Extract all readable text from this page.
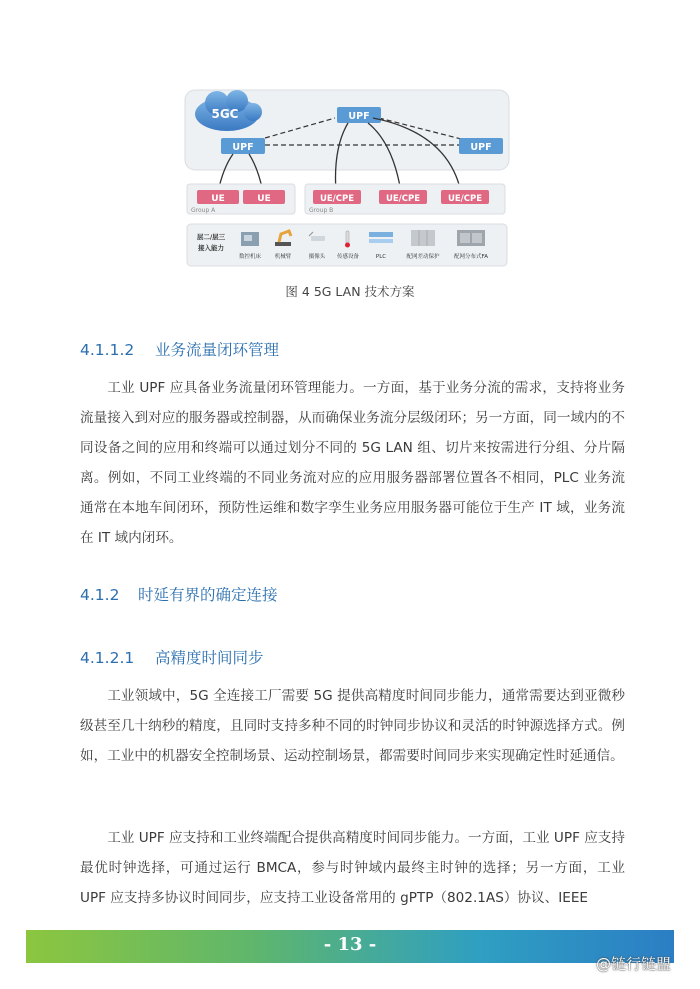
5GC	UPF
UPF	UPF
UE	UE
Group A
UE/CPE	UE/CPE	UE/CPE
Group B
层二/层三
接入能力
数控机床 机械臂	摄像头 传感设备	PLC	配网差动保护	配网分布式FA
图 4 5G LAN 技术方案
4.1.1.2 业务流量闭环管理
工业 UPF 应具备业务流量闭环管理能力。一方面，基于业务分流的需求，支持将业务流量接入到对应的服务器或控制器，从而确保业务流分层级闭环；另一方面，同一域内的不同设备之间的应用和终端可以通过划分不同的 5G LAN 组、切片来按需进行分组、分片隔离。例如，不同工业终端的不同业务流对应的应用服务器部署位置各不相同，PLC 业务流通常在本地车间闭环，预防性运维和数字孪生业务应用服务器可能位于生产 IT 域，业务流在 IT 域内闭环。
4.1.2 时延有界的确定连接
4.1.2.1 高精度时间同步
工业领域中，5G 全连接工厂需要 5G 提供高精度时间同步能力，通常需要达到亚微秒级甚至几十纳秒的精度，且同时支持多种不同的时钟同步协议和灵活的时钟源选择方式。例如，工业中的机器安全控制场景、运动控制场景，都需要时间同步来实现确定性时延通信。
工业 UPF 应支持和工业终端配合提供高精度时间同步能力。一方面，工业 UPF 应支持最优时钟选择，可通过运行 BMCA，参与时钟域内最终主时钟的选择；另一方面，工业 UPF 应支持多协议时间同步，应支持工业设备常用的 gPTP（802.1AS）协议、IEEE
- 13 -
@链行链盟
